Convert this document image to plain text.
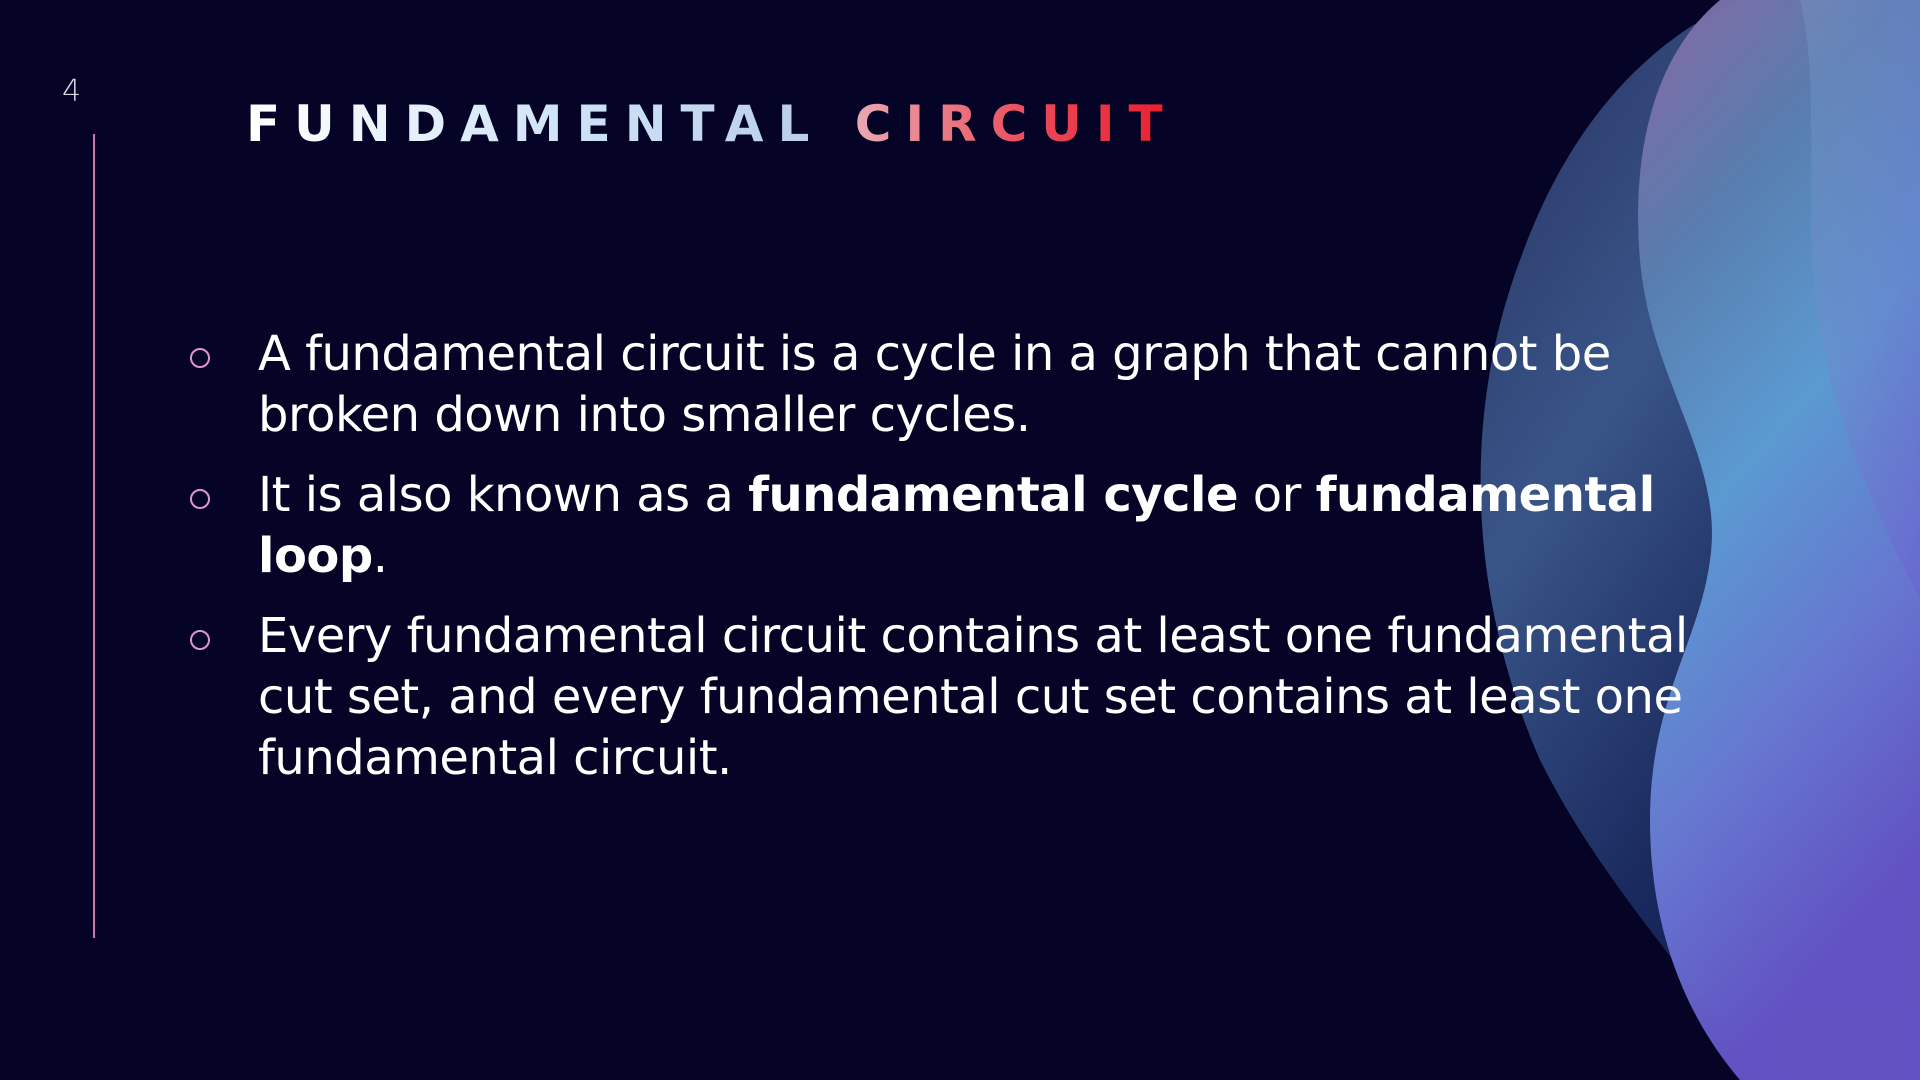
4
FUNDAMENTAL CIRCUIT
A fundamental circuit is a cycle in a graph that cannot be broken down into smaller cycles.
It is also known as a fundamental cycle or fundamental loop.
Every fundamental circuit contains at least one fundamental cut set, and every fundamental cut set contains at least one fundamental circuit.
